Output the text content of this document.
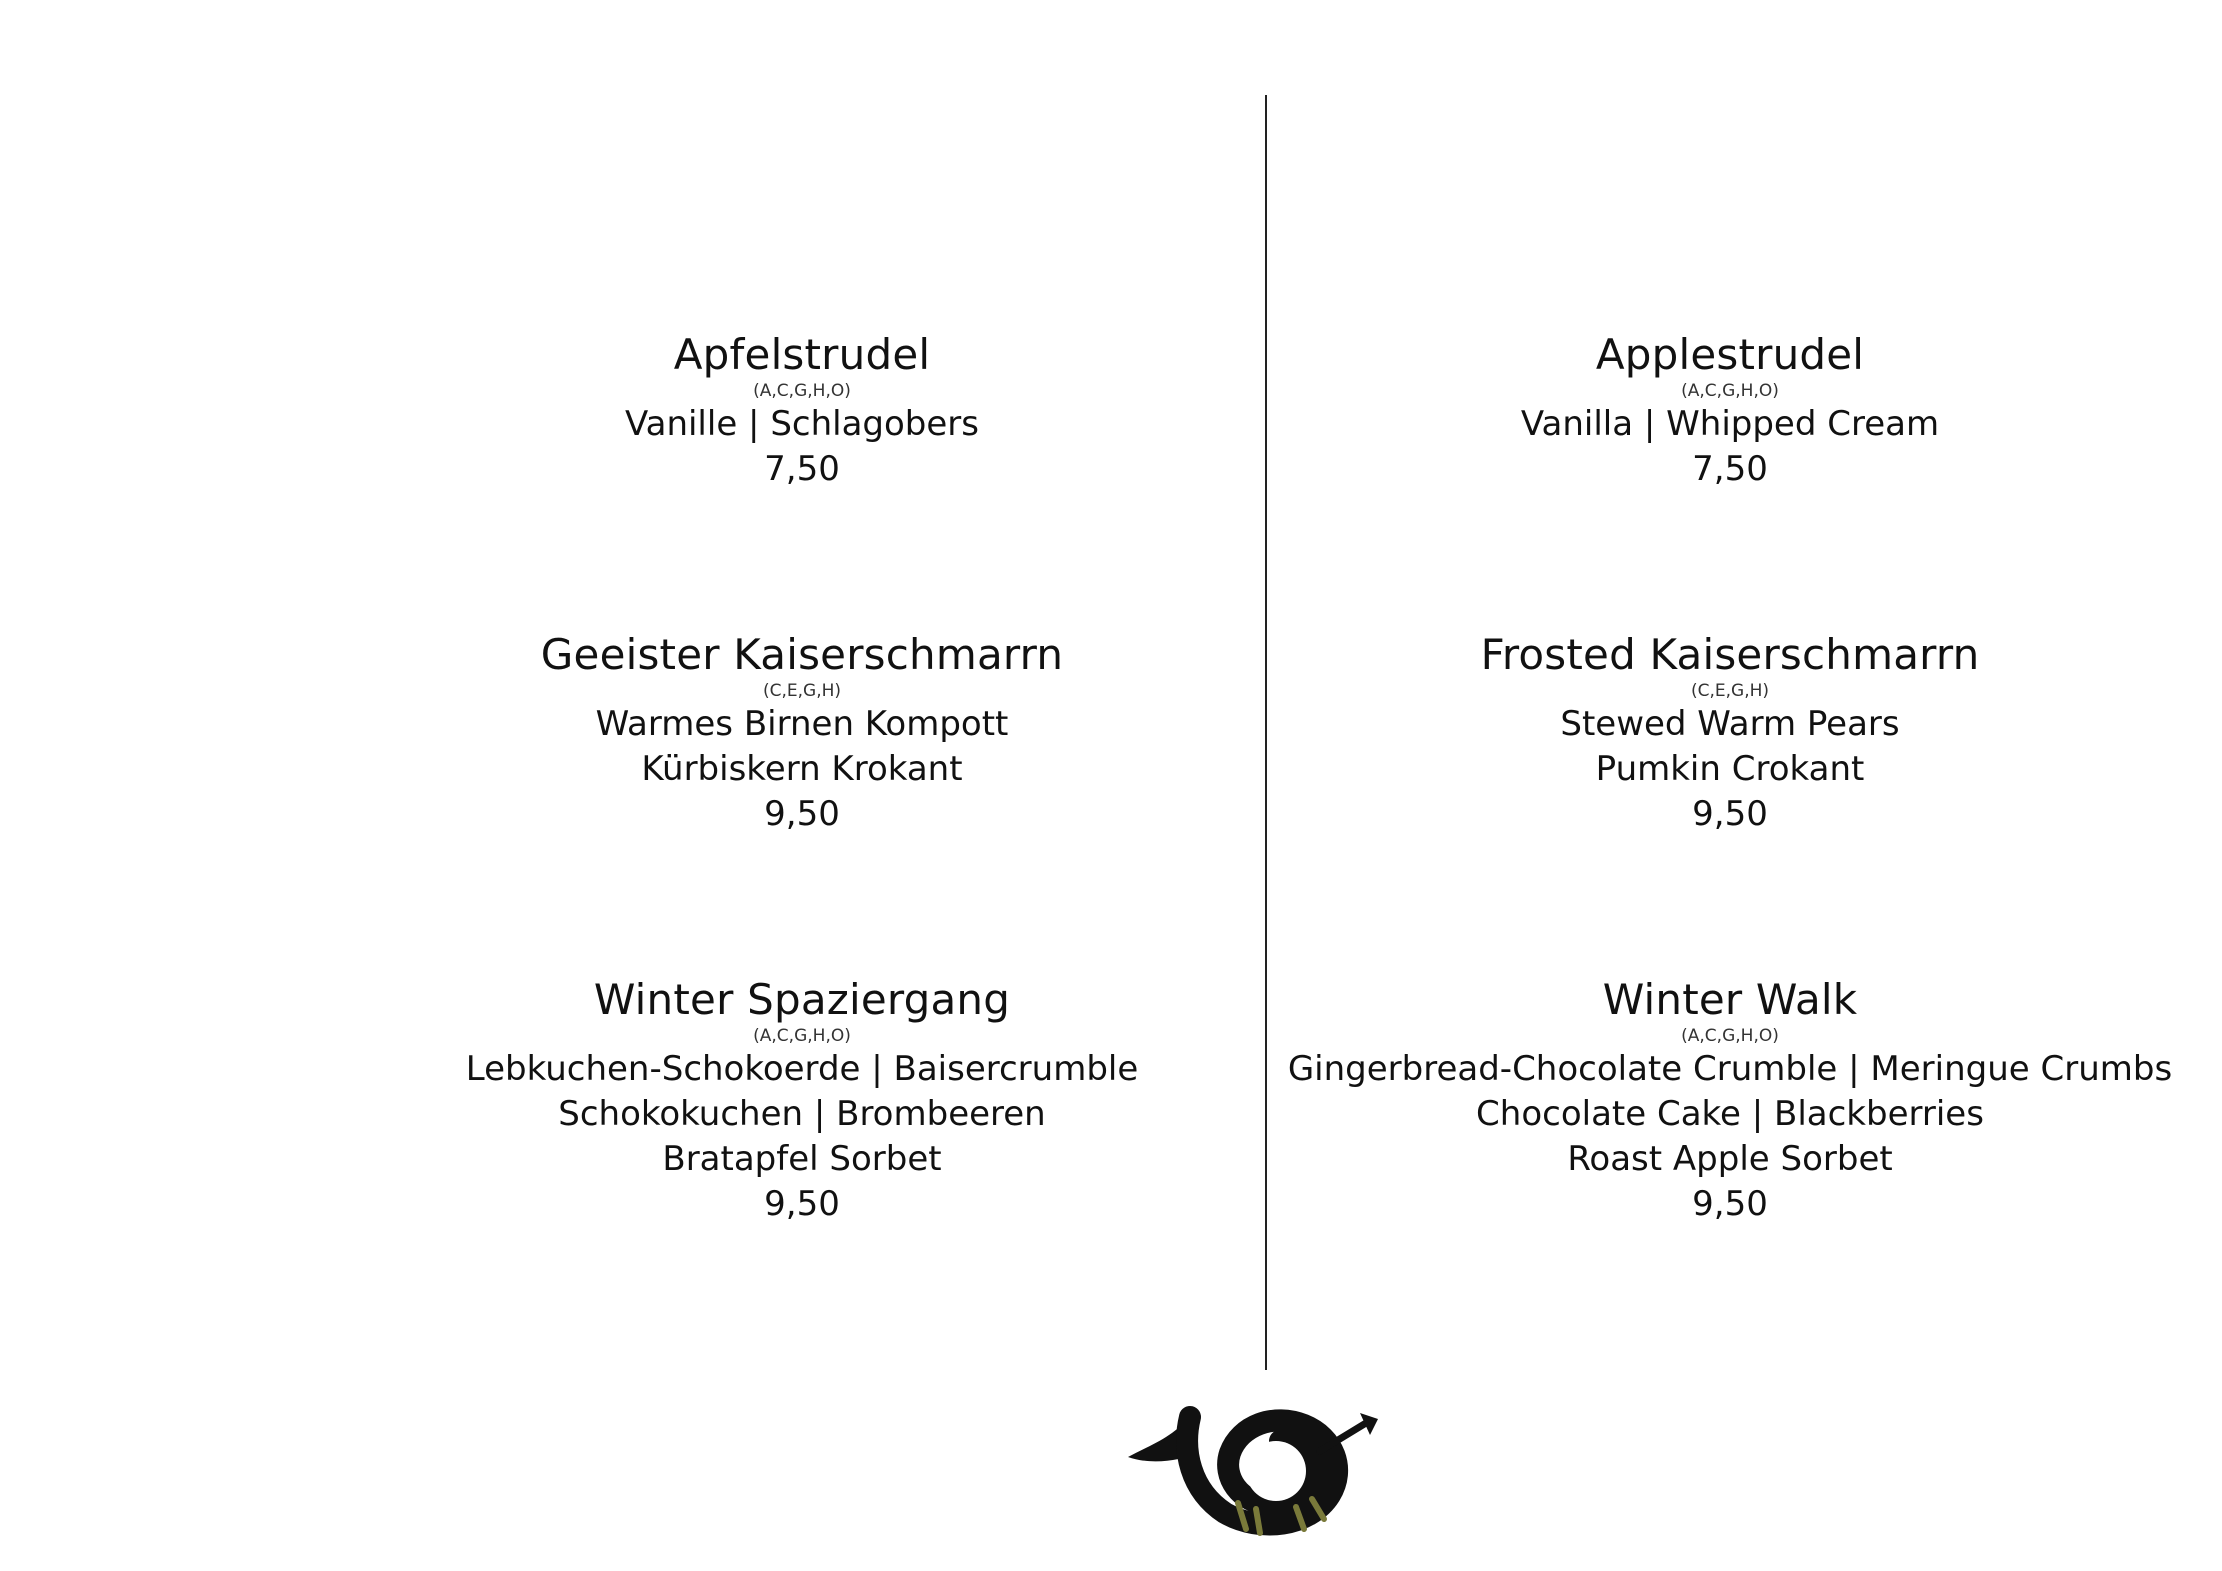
Apfelstrudel
(A,C,G,H,O)
Vanille | Schlagobers
7,50
Geeister Kaiserschmarrn
(C,E,G,H)
Warmes Birnen Kompott
Kürbiskern Krokant
9,50
Winter Spaziergang
(A,C,G,H,O)
Lebkuchen-Schokoerde | Baisercrumble
Schokokuchen | Brombeeren
Bratapfel Sorbet
9,50
Applestrudel
(A,C,G,H,O)
Vanilla | Whipped Cream
7,50
Frosted Kaiserschmarrn
(C,E,G,H)
Stewed Warm Pears
Pumkin Crokant
9,50
Winter Walk
(A,C,G,H,O)
Gingerbread-Chocolate Crumble | Meringue Crumbs
Chocolate Cake | Blackberries
Roast Apple Sorbet
9,50
